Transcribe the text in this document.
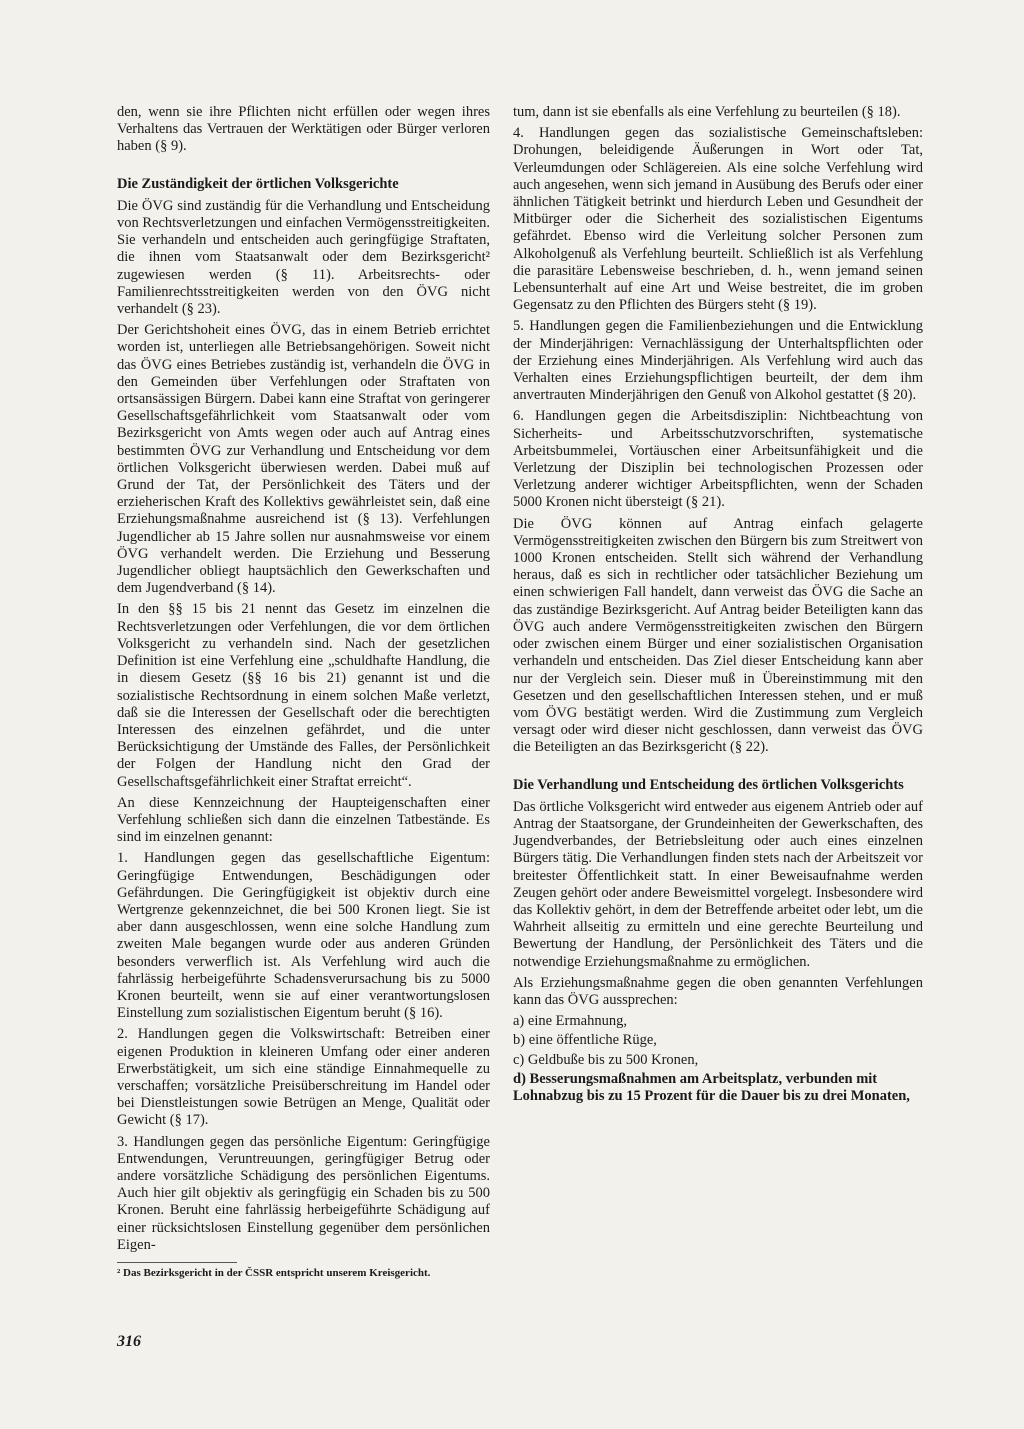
den, wenn sie ihre Pflichten nicht erfüllen oder wegen ihres Verhaltens das Vertrauen der Werktätigen oder Bürger verloren haben (§ 9).

Die Zuständigkeit der örtlichen Volksgerichte

Die ÖVG sind zuständig für die Verhandlung und Entscheidung von Rechtsverletzungen und einfachen Vermögensstreitigkeiten. Sie verhandeln und entscheiden auch geringfügige Straftaten, die ihnen vom Staatsanwalt oder dem Bezirksgericht² zugewiesen werden (§ 11). Arbeitsrechts- oder Familienrechtsstreitigkeiten werden von den ÖVG nicht verhandelt (§ 23).

Der Gerichtshoheit eines ÖVG, das in einem Betrieb errichtet worden ist, unterliegen alle Betriebsangehörigen. Soweit nicht das ÖVG eines Betriebes zuständig ist, verhandeln die ÖVG in den Gemeinden über Verfehlungen oder Straftaten von ortsansässigen Bürgern. Dabei kann eine Straftat von geringerer Gesellschaftsgefährlichkeit vom Staatsanwalt oder vom Bezirksgericht von Amts wegen oder auch auf Antrag eines bestimmten ÖVG zur Verhandlung und Entscheidung vor dem örtlichen Volksgericht überwiesen werden. Dabei muß auf Grund der Tat, der Persönlichkeit des Täters und der erzieherischen Kraft des Kollektivs gewährleistet sein, daß eine Erziehungsmaßnahme ausreichend ist (§ 13). Verfehlungen Jugendlicher ab 15 Jahre sollen nur ausnahmsweise vor einem ÖVG verhandelt werden. Die Erziehung und Besserung Jugendlicher obliegt hauptsächlich den Gewerkschaften und dem Jugendverband (§ 14).

In den §§ 15 bis 21 nennt das Gesetz im einzelnen die Rechtsverletzungen oder Verfehlungen, die vor dem örtlichen Volksgericht zu verhandeln sind. Nach der gesetzlichen Definition ist eine Verfehlung eine „schuldhafte Handlung, die in diesem Gesetz (§§ 16 bis 21) genannt ist und die sozialistische Rechtsordnung in einem solchen Maße verletzt, daß sie die Interessen der Gesellschaft oder die berechtigten Interessen des einzelnen gefährdet, und die unter Berücksichtigung der Umstände des Falles, der Persönlichkeit der Folgen der Handlung nicht den Grad der Gesellschaftsgefährlichkeit einer Straftat erreicht“.

An diese Kennzeichnung der Haupteigenschaften einer Verfehlung schließen sich dann die einzelnen Tatbestände. Es sind im einzelnen genannt:

1. Handlungen gegen das gesellschaftliche Eigentum: Geringfügige Entwendungen, Beschädigungen oder Gefährdungen. Die Geringfügigkeit ist objektiv durch eine Wertgrenze gekennzeichnet, die bei 500 Kronen liegt. Sie ist aber dann ausgeschlossen, wenn eine solche Handlung zum zweiten Male begangen wurde oder aus anderen Gründen besonders verwerflich ist. Als Verfehlung wird auch die fahrlässig herbeigeführte Schadensverursachung bis zu 5000 Kronen beurteilt, wenn sie auf einer verantwortungslosen Einstellung zum sozialistischen Eigentum beruht (§ 16).

2. Handlungen gegen die Volkswirtschaft: Betreiben einer eigenen Produktion in kleineren Umfang oder einer anderen Erwerbstätigkeit, um sich eine ständige Einnahmequelle zu verschaffen; vorsätzliche Preisüberschreitung im Handel oder bei Dienstleistungen sowie Betrügen an Menge, Qualität oder Gewicht (§ 17).

3. Handlungen gegen das persönliche Eigentum: Geringfügige Entwendungen, Veruntreuungen, geringfügiger Betrug oder andere vorsätzliche Schädigung des persönlichen Eigentums. Auch hier gilt objektiv als geringfügig ein Schaden bis zu 500 Kronen. Beruht eine fahrlässig herbeigeführte Schädigung auf einer rücksichtslosen Einstellung gegenüber dem persönlichen Eigen-

² Das Bezirksgericht in der ČSSR entspricht unserem Kreisgericht.

tum, dann ist sie ebenfalls als eine Verfehlung zu beurteilen (§ 18).

4. Handlungen gegen das sozialistische Gemeinschaftsleben: Drohungen, beleidigende Äußerungen in Wort oder Tat, Verleumdungen oder Schlägereien. Als eine solche Verfehlung wird auch angesehen, wenn sich jemand in Ausübung des Berufs oder einer ähnlichen Tätigkeit betrinkt und hierdurch Leben und Gesundheit der Mitbürger oder die Sicherheit des sozialistischen Eigentums gefährdet. Ebenso wird die Verleitung solcher Personen zum Alkoholgenuß als Verfehlung beurteilt. Schließlich ist als Verfehlung die parasitäre Lebensweise beschrieben, d. h., wenn jemand seinen Lebensunterhalt auf eine Art und Weise bestreitet, die im groben Gegensatz zu den Pflichten des Bürgers steht (§ 19).

5. Handlungen gegen die Familienbeziehungen und die Entwicklung der Minderjährigen: Vernachlässigung der Unterhaltspflichten oder der Erziehung eines Minderjährigen. Als Verfehlung wird auch das Verhalten eines Erziehungspflichtigen beurteilt, der dem ihm anvertrauten Minderjährigen den Genuß von Alkohol gestattet (§ 20).

6. Handlungen gegen die Arbeitsdisziplin: Nichtbeachtung von Sicherheits- und Arbeitsschutzvorschriften, systematische Arbeitsbummelei, Vortäuschen einer Arbeitsunfähigkeit und die Verletzung der Disziplin bei technologischen Prozessen oder Verletzung anderer wichtiger Arbeitspflichten, wenn der Schaden 5000 Kronen nicht übersteigt (§ 21).

Die ÖVG können auf Antrag einfach gelagerte Vermögensstreitigkeiten zwischen den Bürgern bis zum Streitwert von 1000 Kronen entscheiden. Stellt sich während der Verhandlung heraus, daß es sich in rechtlicher oder tatsächlicher Beziehung um einen schwierigen Fall handelt, dann verweist das ÖVG die Sache an das zuständige Bezirksgericht. Auf Antrag beider Beteiligten kann das ÖVG auch andere Vermögensstreitigkeiten zwischen den Bürgern oder zwischen einem Bürger und einer sozialistischen Organisation verhandeln und entscheiden. Das Ziel dieser Entscheidung kann aber nur der Vergleich sein. Dieser muß in Übereinstimmung mit den Gesetzen und den gesellschaftlichen Interessen stehen, und er muß vom ÖVG bestätigt werden. Wird die Zustimmung zum Vergleich versagt oder wird dieser nicht geschlossen, dann verweist das ÖVG die Beteiligten an das Bezirksgericht (§ 22).

Die Verhandlung und Entscheidung des örtlichen Volksgerichts

Das örtliche Volksgericht wird entweder aus eigenem Antrieb oder auf Antrag der Staatsorgane, der Grundeinheiten der Gewerkschaften, des Jugendverbandes, der Betriebsleitung oder auch eines einzelnen Bürgers tätig. Die Verhandlungen finden stets nach der Arbeitszeit vor breitester Öffentlichkeit statt. In einer Beweisaufnahme werden Zeugen gehört oder andere Beweismittel vorgelegt. Insbesondere wird das Kollektiv gehört, in dem der Betreffende arbeitet oder lebt, um die Wahrheit allseitig zu ermitteln und eine gerechte Beurteilung und Bewertung der Handlung, der Persönlichkeit des Täters und die notwendige Erziehungsmaßnahme zu ermöglichen.

Als Erziehungsmaßnahme gegen die oben genannten Verfehlungen kann das ÖVG aussprechen:

a) eine Ermahnung,
b) eine öffentliche Rüge,
c) Geldbuße bis zu 500 Kronen,
d) Besserungsmaßnahmen am Arbeitsplatz, verbunden mit Lohnabzug bis zu 15 Prozent für die Dauer bis zu drei Monaten,
316
